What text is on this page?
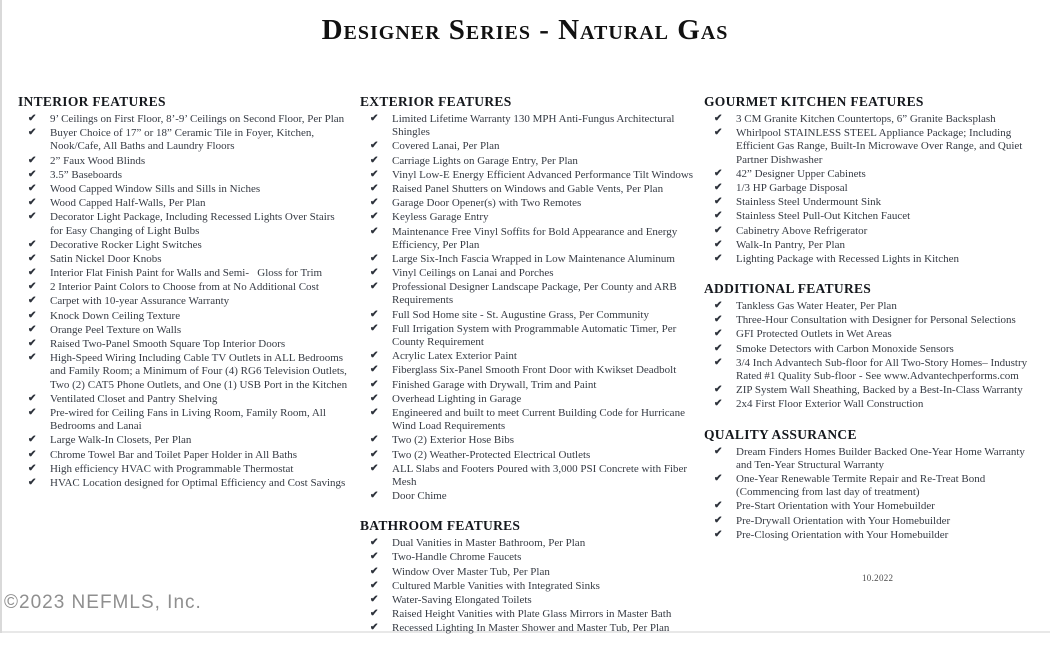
Designer Series - Natural Gas
INTERIOR FEATURES
✔ 9’ Ceilings on First Floor, 8’-9’ Ceilings on Second Floor, Per Plan
✔ Buyer Choice of 17” or 18” Ceramic Tile in Foyer, Kitchen, Nook/Cafe, All Baths and Laundry Floors
✔ 2” Faux Wood Blinds
✔ 3.5” Baseboards
✔ Wood Capped Window Sills and Sills in Niches
✔ Wood Capped Half-Walls, Per Plan
✔ Decorator Light Package, Including Recessed Lights Over Stairs for Easy Changing of Light Bulbs
✔ Decorative Rocker Light Switches
✔ Satin Nickel Door Knobs
✔ Interior Flat Finish Paint for Walls and Semi-   Gloss for Trim
✔ 2 Interior Paint Colors to Choose from at No Additional Cost
✔ Carpet with 10-year Assurance Warranty
✔ Knock Down Ceiling Texture
✔ Orange Peel Texture on Walls
✔ Raised Two-Panel Smooth Square Top Interior Doors
✔ High-Speed Wiring Including Cable TV Outlets in ALL Bedrooms and Family Room; a Minimum of Four (4) RG6 Television Outlets, Two (2) CAT5 Phone Outlets, and One (1) USB Port in the Kitchen
✔ Ventilated Closet and Pantry Shelving
✔ Pre-wired for Ceiling Fans in Living Room, Family Room, All Bedrooms and Lanai
✔ Large Walk-In Closets, Per Plan
✔ Chrome Towel Bar and Toilet Paper Holder in All Baths
✔ High efficiency HVAC with Programmable Thermostat
✔ HVAC Location designed for Optimal Efficiency and Cost Savings
EXTERIOR FEATURES
✔ Limited Lifetime Warranty 130 MPH Anti-Fungus Architectural Shingles
✔ Covered Lanai, Per Plan
✔ Carriage Lights on Garage Entry, Per Plan
✔ Vinyl Low-E Energy Efficient Advanced Performance Tilt Windows
✔ Raised Panel Shutters on Windows and Gable Vents, Per Plan
✔ Garage Door Opener(s) with Two Remotes
✔ Keyless Garage Entry
✔ Maintenance Free Vinyl Soffits for Bold Appearance and Energy Efficiency, Per Plan
✔ Large Six-Inch Fascia Wrapped in Low Maintenance Aluminum
✔ Vinyl Ceilings on Lanai and Porches
✔ Professional Designer Landscape Package, Per County and ARB Requirements
✔ Full Sod Home site - St. Augustine Grass, Per Community
✔ Full Irrigation System with Programmable Automatic Timer, Per County Requirement
✔ Acrylic Latex Exterior Paint
✔ Fiberglass Six-Panel Smooth Front Door with Kwikset Deadbolt
✔ Finished Garage with Drywall, Trim and Paint
✔ Overhead Lighting in Garage
✔ Engineered and built to meet Current Building Code for Hurricane Wind Load Requirements
✔ Two (2) Exterior Hose Bibs
✔ Two (2) Weather-Protected Electrical Outlets
✔ ALL Slabs and Footers Poured with 3,000 PSI Concrete with Fiber Mesh
✔ Door Chime
BATHROOM FEATURES
✔ Dual Vanities in Master Bathroom, Per Plan
✔ Two-Handle Chrome Faucets
✔ Window Over Master Tub, Per Plan
✔ Cultured Marble Vanities with Integrated Sinks
✔ Water-Saving Elongated Toilets
✔ Raised Height Vanities with Plate Glass Mirrors in Master Bath
✔ Recessed Lighting In Master Shower and Master Tub, Per Plan
GOURMET KITCHEN FEATURES
✔ 3 CM Granite Kitchen Countertops, 6” Granite Backsplash
✔ Whirlpool STAINLESS STEEL Appliance Package; Including Efficient Gas Range, Built-In Microwave Over Range, and Quiet Partner Dishwasher
✔ 42” Designer Upper Cabinets
✔ 1/3 HP Garbage Disposal
✔ Stainless Steel Undermount Sink
✔ Stainless Steel Pull-Out Kitchen Faucet
✔ Cabinetry Above Refrigerator
✔ Walk-In Pantry, Per Plan
✔ Lighting Package with Recessed Lights in Kitchen
ADDITIONAL FEATURES
✔ Tankless Gas Water Heater, Per Plan
✔ Three-Hour Consultation with Designer for Personal Selections
✔ GFI Protected Outlets in Wet Areas
✔ Smoke Detectors with Carbon Monoxide Sensors
✔ 3/4 Inch Advantech Sub-floor for All Two-Story Homes– Industry Rated #1 Quality Sub-floor - See www.Advantechperforms.com
✔ ZIP System Wall Sheathing, Backed by a Best-In-Class Warranty
✔ 2x4 First Floor Exterior Wall Construction
QUALITY ASSURANCE
✔ Dream Finders Homes Builder Backed One-Year Home Warranty and Ten-Year Structural Warranty
✔ One-Year Renewable Termite Repair and Re-Treat Bond (Commencing from last day of treatment)
✔ Pre-Start Orientation with Your Homebuilder
✔ Pre-Drywall Orientation with Your Homebuilder
✔ Pre-Closing Orientation with Your Homebuilder
10.2022
©2023 NEFMLS, Inc.
